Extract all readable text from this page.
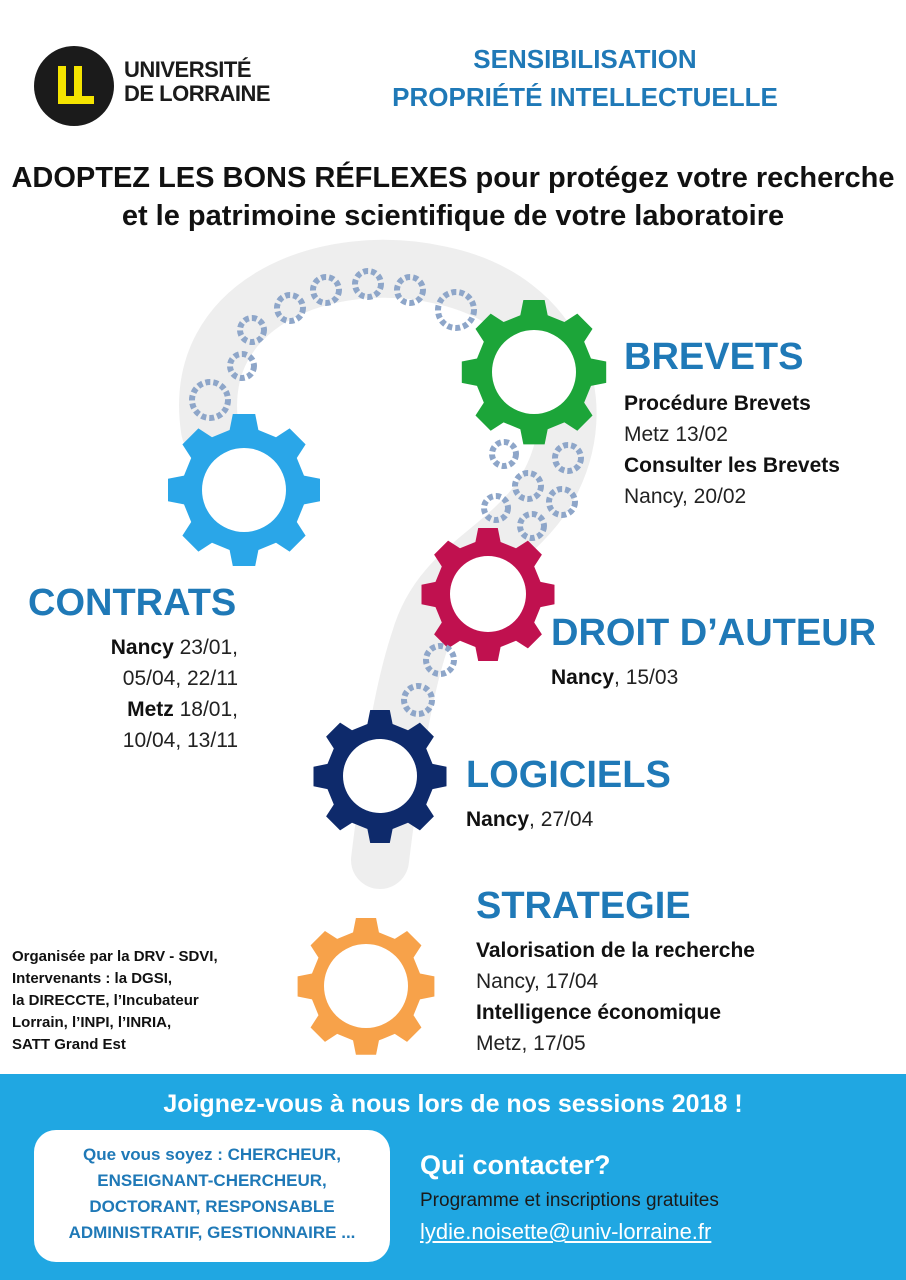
UNIVERSITÉ
DE LORRAINE
SENSIBILISATION
PROPRIÉTÉ INTELLECTUELLE
ADOPTEZ LES BONS RÉFLEXES pour protégez votre recherche
et le patrimoine scientifique de votre laboratoire
BREVETS
Procédure Brevets
Metz 13/02
Consulter les Brevets
Nancy, 20/02
CONTRATS
Nancy 23/01,
05/04, 22/11
Metz 18/01,
10/04, 13/11
DROIT D’AUTEUR
Nancy, 15/03
LOGICIELS
Nancy, 27/04
STRATEGIE
Valorisation de la recherche
Nancy, 17/04
Intelligence économique
Metz, 17/05
Organisée par la DRV - SDVI,
Intervenants : la DGSI,
la DIRECCTE, l’Incubateur
Lorrain, l’INPI, l’INRIA,
SATT Grand Est
Joignez-vous à nous lors de nos sessions 2018 !
Que vous soyez : CHERCHEUR,
ENSEIGNANT-CHERCHEUR,
DOCTORANT, RESPONSABLE
ADMINISTRATIF, GESTIONNAIRE ...
Qui contacter?
Programme et inscriptions gratuites
lydie.noisette@univ-lorraine.fr
